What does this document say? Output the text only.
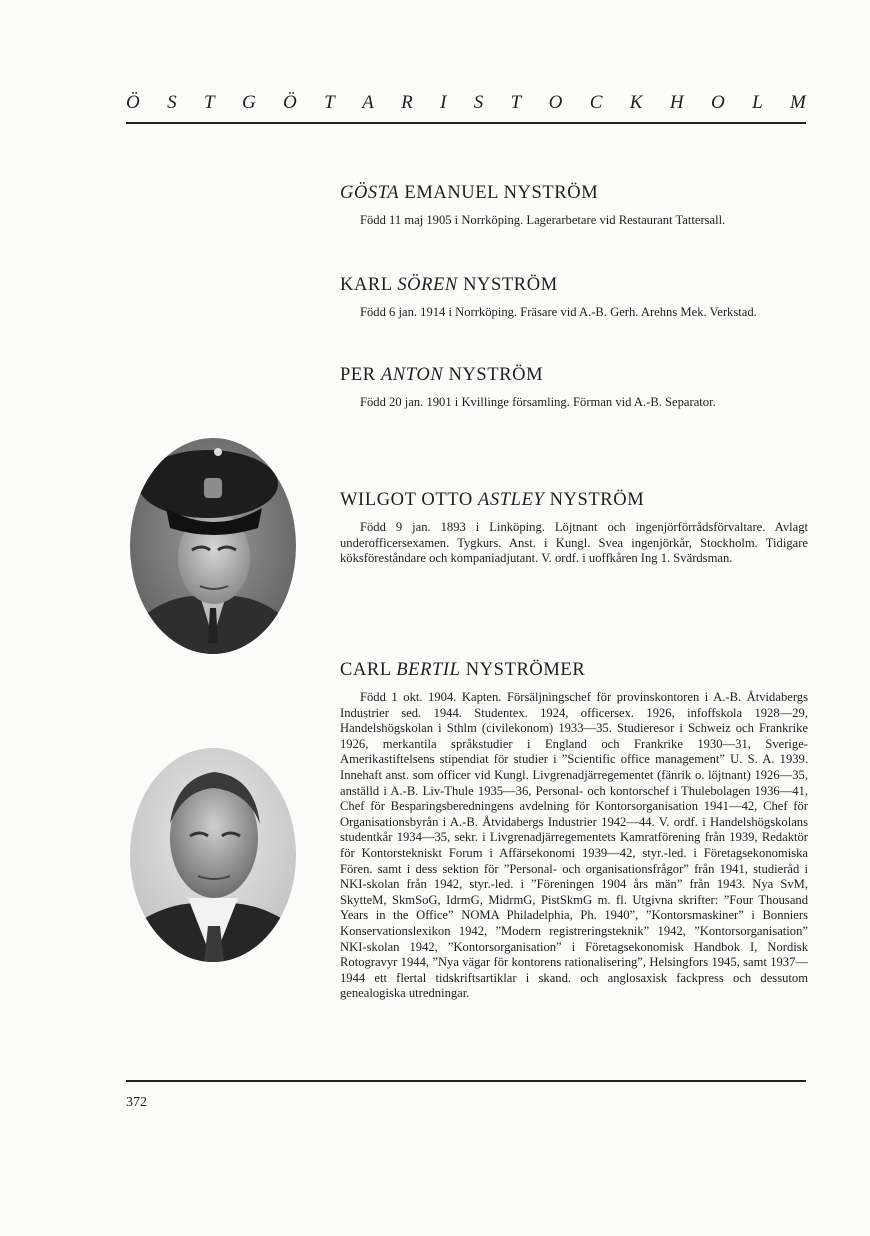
Ö S T G Ö T A R I S T O C K H O L M
GÖSTA EMANUEL NYSTRÖM

Född 11 maj 1905 i Norrköping. Lagerarbetare vid Restaurant Tattersall.

KARL SÖREN NYSTRÖM

Född 6 jan. 1914 i Norrköping. Fräsare vid A.-B. Gerh. Arehns Mek. Verkstad.

PER ANTON NYSTRÖM

Född 20 jan. 1901 i Kvillinge församling. Förman vid A.-B. Separator.

WILGOT OTTO ASTLEY NYSTRÖM

Född 9 jan. 1893 i Linköping. Löjtnant och ingenjörförrådsförvaltare. Avlagt underofficersexamen. Tygkurs. Anst. i Kungl. Svea ingenjörkår, Stockholm. Tidigare köksföreståndare och kompaniadjutant. V. ordf. i uoffkåren Ing 1. Svärdsman.

CARL BERTIL NYSTRÖMER

Född 1 okt. 1904. Kapten. Försäljningschef för provinskontoren i A.-B. Åtvidabergs Industrier sed. 1944. Studentex. 1924, officersex. 1926, infoffskola 1928—29, Handelshögskolan i Sthlm (civilekonom) 1933—35. Studieresor i Schweiz och Frankrike 1926, merkantila språkstudier i England och Frankrike 1930—31, Sverige-Amerikastiftelsens stipendiat för studier i ”Scientific office management” U. S. A. 1939. Innehaft anst. som officer vid Kungl. Livgrenadjärregementet (fänrik o. löjtnant) 1926—35, anställd i A.-B. Liv-Thule 1935—36, Personal- och kontorschef i Thulebolagen 1936—41, Chef för Besparingsberedningens avdelning för Kontorsorganisation 1941—42, Chef för Organisationsbyrån i A.-B. Åtvidabergs Industrier 1942—44. V. ordf. i Handelshögskolans studentkår 1934—35, sekr. i Livgrenadjärregementets Kamratförening från 1939, Redaktör för Kontorstekniskt Forum i Affärsekonomi 1939—42, styr.-led. i Företagsekonomiska Fören. samt i dess sektion för ”Personal- och organisationsfrågor” från 1941, studieråd i NKI-skolan från 1942, styr.-led. i ”Föreningen 1904 års män” från 1943. Nya SvM, SkytteM, SkmSoG, IdrmG, MidrmG, PistSkmG m. fl. Utgivna skrifter: ”Four Thousand Years in the Office” NOMA Philadelphia, Ph. 1940”, ”Kontorsmaskiner” i Bonniers Konservationslexikon 1942, ”Modern registreringsteknik” 1942, ”Kontorsorganisation” NKI-skolan 1942, ”Kontorsorganisation” i Företagsekonomisk Handbok I, Nordisk Rotogravyr 1944, ”Nya vägar för kontorens rationalisering”, Helsingfors 1945, samt 1937—1944 ett flertal tidskriftsartiklar i skand. och anglosaxisk fackpress och dessutom genealogiska utredningar.

372
